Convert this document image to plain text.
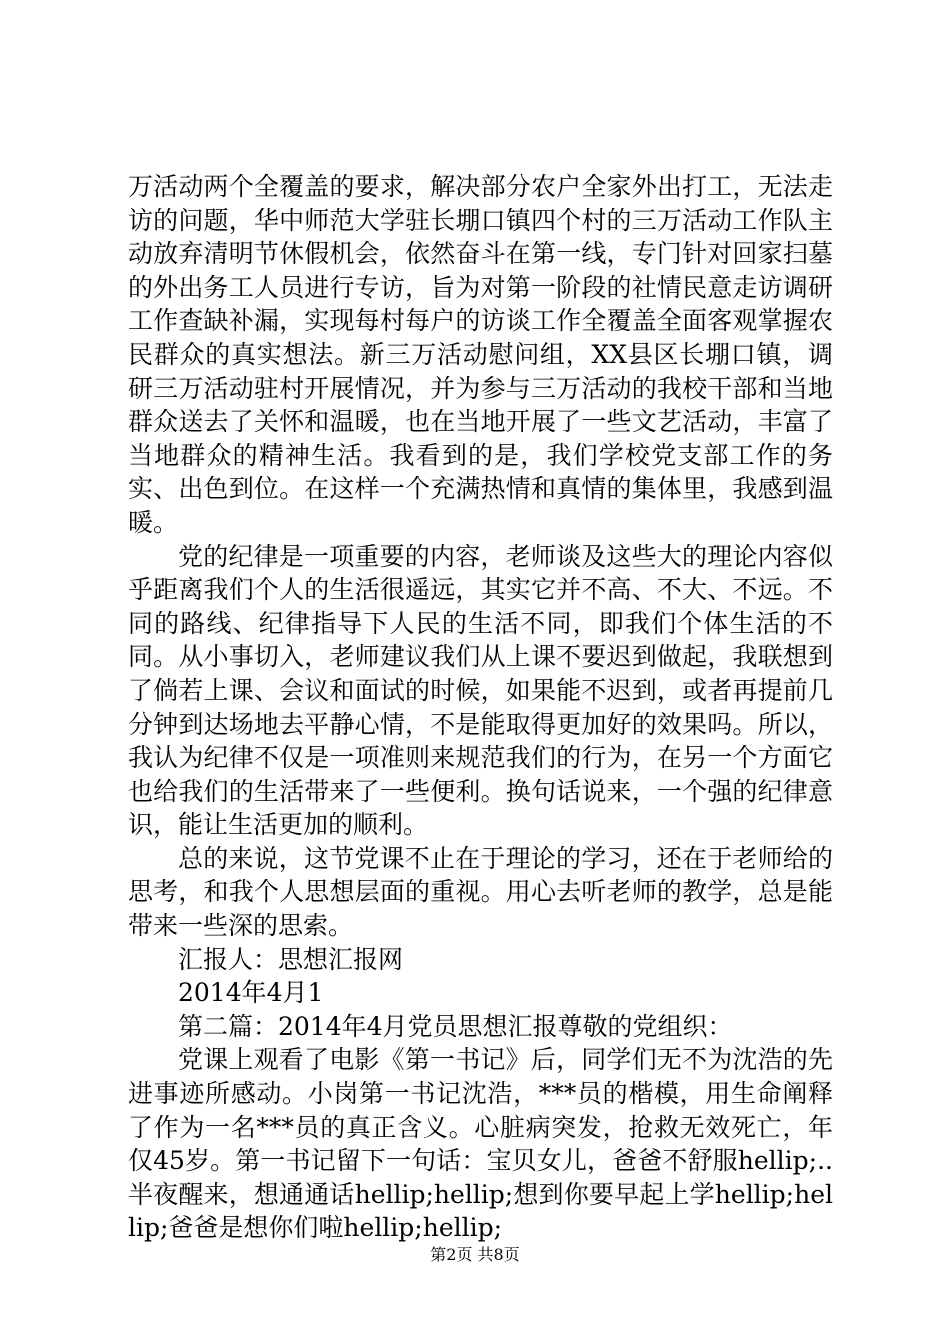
万活动两个全覆盖的要求，解决部分农户全家外出打工，无法走访的问题，华中师范大学驻长堋口镇四个村的三万活动工作队主动放弃清明节休假机会，依然奋斗在第一线，专门针对回家扫墓的外出务工人员进行专访，旨为对第一阶段的社情民意走访调研工作查缺补漏，实现每村每户的访谈工作全覆盖全面客观掌握农民群众的真实想法。新三万活动慰问组，XX县区长堋口镇，调研三万活动驻村开展情况，并为参与三万活动的我校干部和当地群众送去了关怀和温暖，也在当地开展了一些文艺活动，丰富了当地群众的精神生活。我看到的是，我们学校党支部工作的务实、出色到位。在这样一个充满热情和真情的集体里，我感到温暖。

党的纪律是一项重要的内容，老师谈及这些大的理论内容似乎距离我们个人的生活很遥远，其实它并不高、不大、不远。不同的路线、纪律指导下人民的生活不同，即我们个体生活的不同。从小事切入，老师建议我们从上课不要迟到做起，我联想到了倘若上课、会议和面试的时候，如果能不迟到，或者再提前几分钟到达场地去平静心情，不是能取得更加好的效果吗。所以，我认为纪律不仅是一项准则来规范我们的行为，在另一个方面它也给我们的生活带来了一些便利。换句话说来，一个强的纪律意识，能让生活更加的顺利。

总的来说，这节党课不止在于理论的学习，还在于老师给的思考，和我个人思想层面的重视。用心去听老师的教学，总是能带来一些深的思索。

汇报人：思想汇报网

2014年4月1

第二篇：2014年4月党员思想汇报尊敬的党组织：

党课上观看了电影《第一书记》后，同学们无不为沈浩的先进事迹所感动。小岗第一书记沈浩，***员的楷模，用生命阐释了作为一名***员的真正含义。心脏病突发，抢救无效死亡，年仅45岁。第一书记留下一句话：宝贝女儿，爸爸不舒服hellip;..半夜醒来，想通通话hellip;hellip;想到你要早起上学hellip;hellip;爸爸是想你们啦hellip;hellip;

第2页 共8页
